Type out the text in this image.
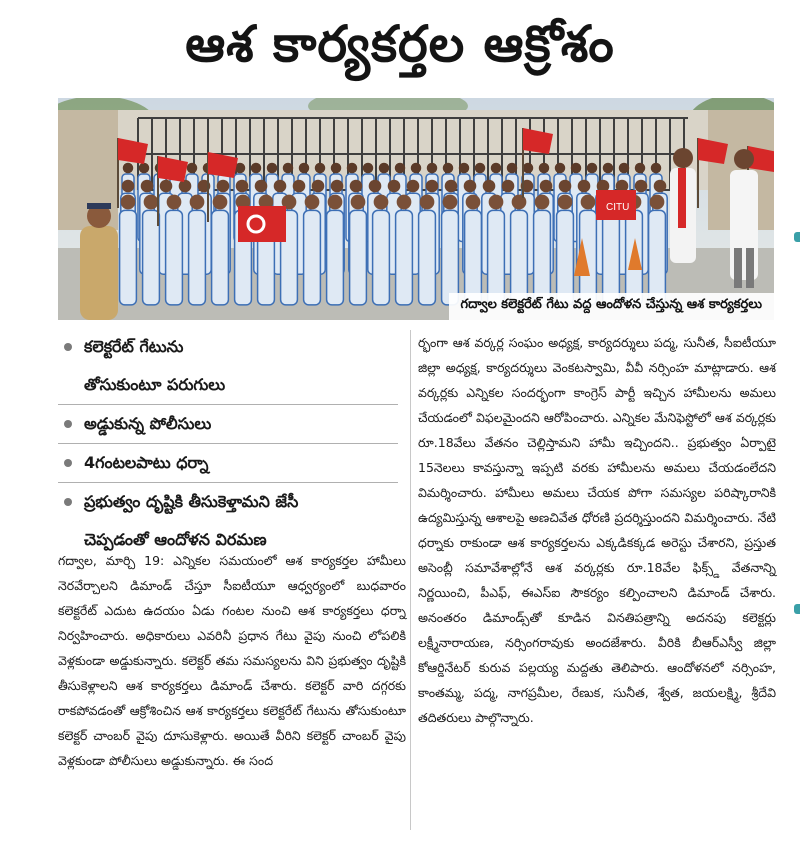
ఆశ కార్యకర్తల ఆక్రోశం
CITU
గద్వాల కలెక్టరేట్ గేటు వద్ద ఆందోళన చేస్తున్న ఆశ కార్యకర్తలు
కలెక్టరేట్ గేటును
తోసుకుంటూ పరుగులు
అడ్డుకున్న పోలీసులు
4గంటలపాటు ధర్నా
ప్రభుత్వం దృష్టికి తీసుకెళ్తామని జేసీ
చెప్పడంతో ఆందోళన విరమణ

గద్వాల, మార్చి 19: ఎన్నికల సమయంలో ఆశ కార్యకర్తల హామీలు నెరవేర్చాలని డిమాండ్ చేస్తూ సీఐటీయూ ఆధ్వర్యంలో బుధవారం కలెక్టరేట్ ఎదుట ఉదయం ఏడు గంటల నుంచి ఆశ కార్యకర్తలు ధర్నా నిర్వహించారు. అధికారులు ఎవరినీ ప్రధాన గేటు వైపు నుంచి లోపలికి వెళ్లకుండా అడ్డుకున్నారు. కలెక్టర్ తమ సమస్యలను విని ప్రభుత్వం దృష్టికి తీసుకెళ్లాలని ఆశ కార్యకర్తలు డిమాండ్ చేశారు. కలెక్టర్ వారి దగ్గరకు రాకపోవడంతో ఆక్రోశించిన ఆశ కార్యకర్తలు కలెక్టరేట్ గేటును తోసుకుంటూ కలెక్టర్ చాంబర్ వైపు దూసుకెళ్లారు. అయితే వీరిని కలెక్టర్ చాంబర్ వైపు వెళ్లకుండా పోలీసులు అడ్డుకున్నారు. ఈ సంద

ర్భంగా ఆశ వర్కర్ల సంఘం అధ్యక్ష, కార్యదర్శులు పద్మ, సునీత, సీఐటీయూ జిల్లా అధ్యక్ష, కార్యదర్శులు వెంకటస్వామి, వీవీ నర్సింహ మాట్లాడారు. ఆశ వర్కర్లకు ఎన్నికల సందర్భంగా కాంగ్రెస్ పార్టీ ఇచ్చిన హామీలను అమలు చేయడంలో విఫలమైందని ఆరోపించారు. ఎన్నికల మేనిఫెస్టోలో ఆశ వర్కర్లకు రూ.18వేలు వేతనం చెల్లిస్తామని హామీ ఇచ్చిందని.. ప్రభుత్వం ఏర్పాటై 15నెలలు కావస్తున్నా ఇప్పటి వరకు హామీలను అమలు చేయడంలేదని విమర్శించారు. హామీలు అమలు చేయక పోగా సమస్యల పరిష్కారానికి ఉద్యమిస్తున్న ఆశాలపై అణచివేత ధోరణి ప్రదర్శిస్తుందని విమర్శించారు. నేటి ధర్నాకు రాకుండా ఆశ కార్యకర్తలను ఎక్కడికక్కడ అరెస్టు చేశారని, ప్రస్తుత అసెంబ్లీ సమావేశాల్లోనే ఆశ వర్కర్లకు రూ.18వేల ఫిక్స్డ్ వేతనాన్ని నిర్ణయించి, పీఎఫ్, ఈఎస్ఐ సౌకర్యం కల్పించాలని డిమాండ్ చేశారు. అనంతరం డిమాండ్స్‌తో కూడిన వినతిపత్రాన్ని అదనపు కలెక్టర్లు లక్ష్మీనారాయణ, నర్సింగరావుకు అందజేశారు. వీరికి బీఆర్ఎస్వీ జిల్లా కోఆర్డినేటర్ కురువ పల్లయ్య మద్దతు తెలిపారు. ఆందోళనలో నర్సింహ, కాంతమ్మ, పద్మ, నాగప్రమీల, రేణుక, సునీత, శ్వేత, జయలక్ష్మి, శ్రీదేవి తదితరులు పాల్గొన్నారు.
